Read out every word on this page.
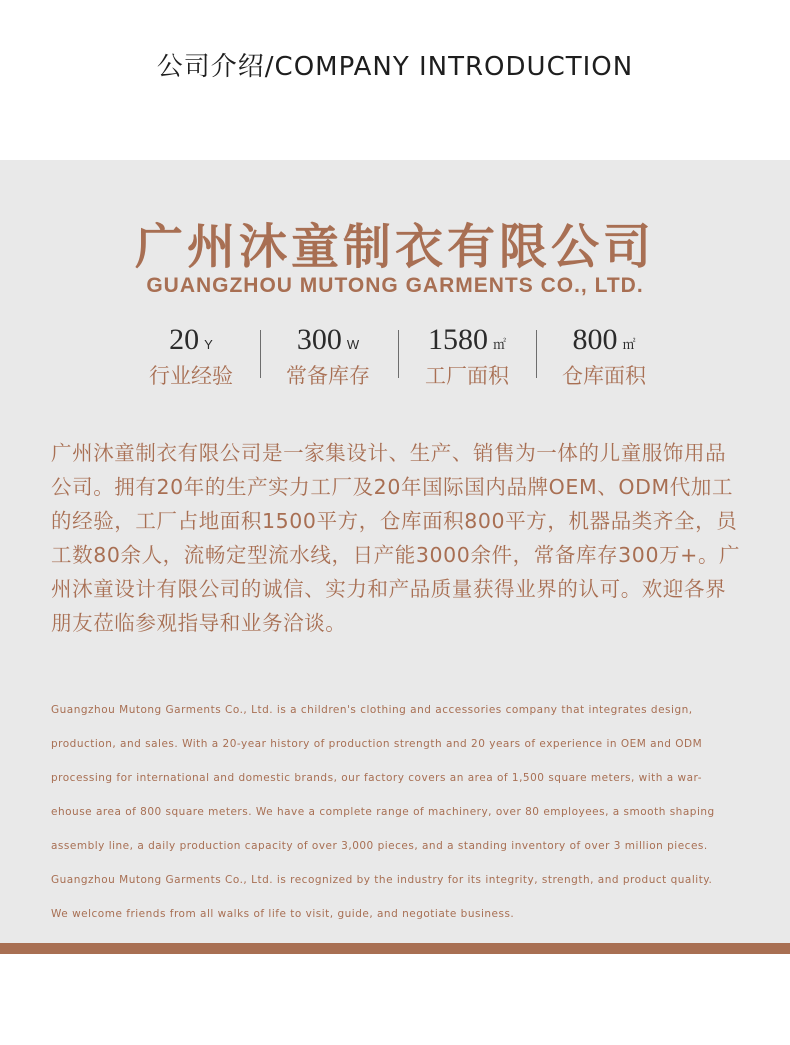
公司介绍/COMPANY INTRODUCTION
广州沐童制衣有限公司
GUANGZHOU MUTONG GARMENTS CO., LTD.
20 Y
行业经验
300 W
常备库存
1580 ㎡
工厂面积
800 ㎡
仓库面积
广州沐童制衣有限公司是一家集设计、生产、销售为一体的儿童服饰用品公司。拥有20年的生产实力工厂及20年国际国内品牌OEM、ODM代加工的经验，工厂占地面积1500平方，仓库面积800平方，机器品类齐全，员工数80余人，流畅定型流水线，日产能3000余件，常备库存300万+。广州沐童设计有限公司的诚信、实力和产品质量获得业界的认可。欢迎各界朋友莅临参观指导和业务洽谈。
Guangzhou Mutong Garments Co., Ltd. is a children's clothing and accessories company that integrates design,
production, and sales. With a 20-year history of production strength and 20 years of experience in OEM and ODM
processing for international and domestic brands, our factory covers an area of 1,500 square meters, with a war-
ehouse area of 800 square meters. We have a complete range of machinery, over 80 employees, a smooth shaping
assembly line, a daily production capacity of over 3,000 pieces, and a standing inventory of over 3 million pieces.
Guangzhou Mutong Garments Co., Ltd. is recognized by the industry for its integrity, strength, and product quality.
We welcome friends from all walks of life to visit, guide, and negotiate business.
